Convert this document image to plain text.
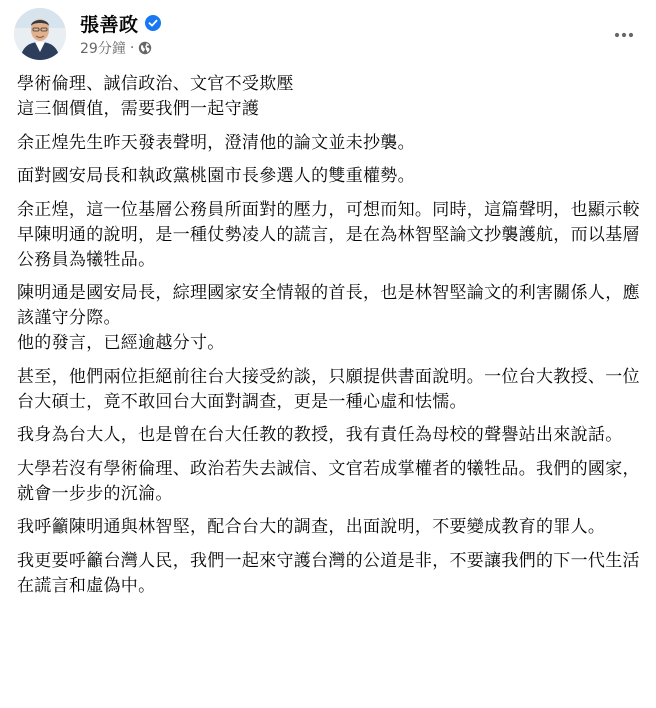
張善政
29分鐘 ·

學術倫理、誠信政治、文官不受欺壓
這三個價值，需要我們一起守護

余正煌先生昨天發表聲明，澄清他的論文並未抄襲。

面對國安局長和執政黨桃園市長參選人的雙重權勢。

余正煌，這一位基層公務員所面對的壓力，可想而知。同時，這篇聲明，也顯示較早陳明通的說明，是一種仗勢凌人的謊言，是在為林智堅論文抄襲護航，而以基層公務員為犧牲品。

陳明通是國安局長，綜理國家安全情報的首長，也是林智堅論文的利害關係人，應該謹守分際。
他的發言，已經逾越分寸。

甚至，他們兩位拒絕前往台大接受約談，只願提供書面說明。一位台大教授、一位台大碩士，竟不敢回台大面對調查，更是一種心虛和怯懦。

我身為台大人，也是曾在台大任教的教授，我有責任為母校的聲譽站出來說話。

大學若沒有學術倫理、政治若失去誠信、文官若成掌權者的犧牲品。我們的國家，就會一步步的沉淪。

我呼籲陳明通與林智堅，配合台大的調查，出面說明，不要變成教育的罪人。

我更要呼籲台灣人民，我們一起來守護台灣的公道是非，不要讓我們的下一代生活在謊言和虛偽中。
